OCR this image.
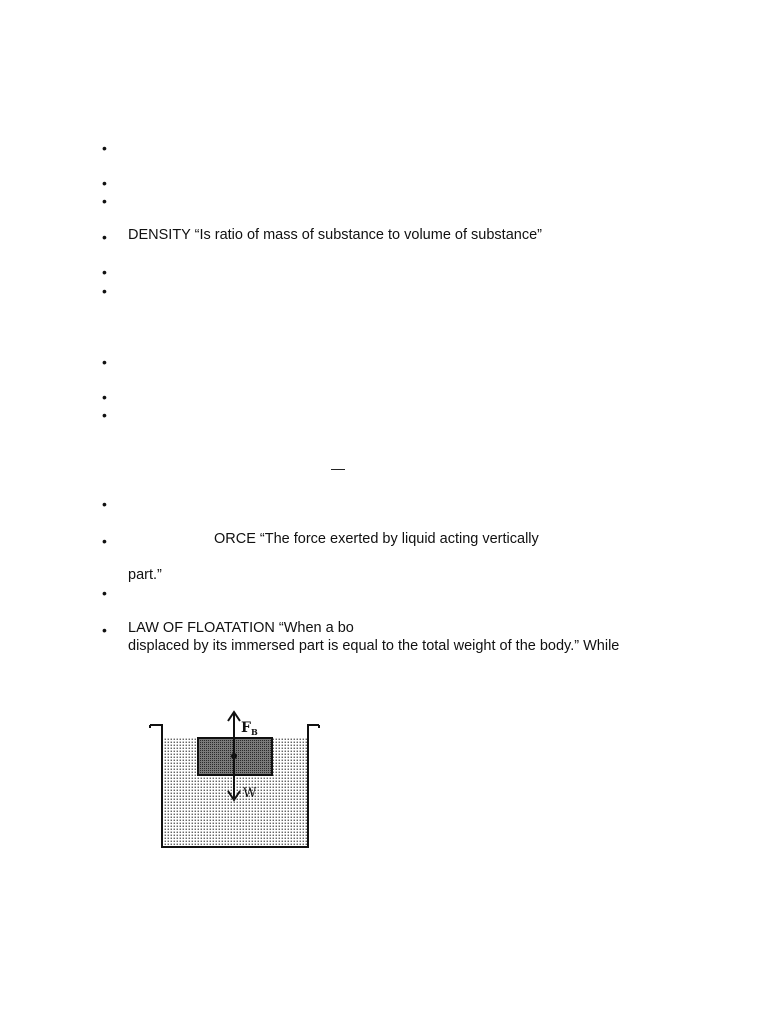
•
•
•
•
•
•
•
•
•
•
•
•
•
DENSITY “Is ratio of mass of substance to volume of substance”
—
ORCE “The force exerted by liquid acting vertically
part.”
LAW OF FLOATATION “When a bo
displaced by its immersed part is equal to the total weight of the body.” While
$F_B$
W
